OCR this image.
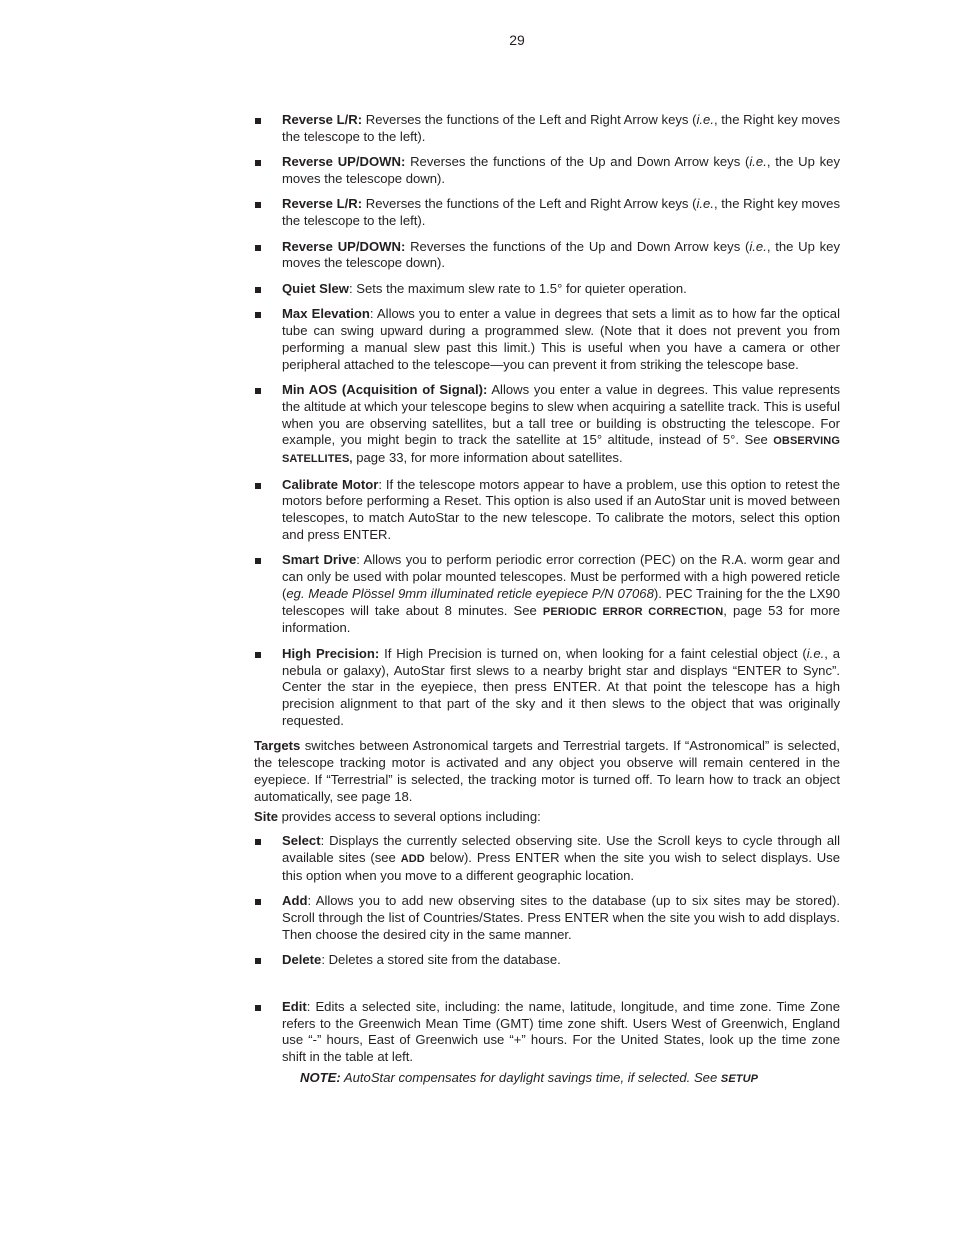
29
Reverse L/R: Reverses the functions of the Left and Right Arrow keys (i.e., the Right key moves the telescope to the left).
Reverse UP/DOWN: Reverses the functions of the Up and Down Arrow keys (i.e., the Up key moves the telescope down).
Reverse L/R: Reverses the functions of the Left and Right Arrow keys (i.e., the Right key moves the telescope to the left).
Reverse UP/DOWN: Reverses the functions of the Up and Down Arrow keys (i.e., the Up key moves the telescope down).
Quiet Slew: Sets the maximum slew rate to 1.5° for quieter operation.
Max Elevation: Allows you to enter a value in degrees that sets a limit as to how far the optical tube can swing upward during a programmed slew. (Note that it does not prevent you from performing a manual slew past this limit.) This is useful when you have a camera or other peripheral attached to the telescope—you can prevent it from striking the telescope base.
Min AOS (Acquisition of Signal): Allows you enter a value in degrees. This value represents the altitude at which your telescope begins to slew when acquiring a satellite track. This is useful when you are observing satellites, but a tall tree or building is obstructing the telescope. For example, you might begin to track the satellite at 15° altitude, instead of 5°. See OBSERVING SATELLITES, page 33, for more information about satellites.
Calibrate Motor: If the telescope motors appear to have a problem, use this option to retest the motors before performing a Reset. This option is also used if an AutoStar unit is moved between telescopes, to match AutoStar to the new telescope. To calibrate the motors, select this option and press ENTER.
Smart Drive: Allows you to perform periodic error correction (PEC) on the R.A. worm gear and can only be used with polar mounted telescopes. Must be performed with a high powered reticle (eg. Meade Plössel 9mm illuminated reticle eyepiece P/N 07068). PEC Training for the the LX90 telescopes will take about 8 minutes. See PERIODIC ERROR CORRECTION, page 53 for more information.
High Precision: If High Precision is turned on, when looking for a faint celestial object (i.e., a nebula or galaxy), AutoStar first slews to a nearby bright star and displays “ENTER to Sync”. Center the star in the eyepiece, then press ENTER. At that point the telescope has a high precision alignment to that part of the sky and it then slews to the object that was originally requested.
Targets switches between Astronomical targets and Terrestrial targets. If “Astronomical” is selected, the telescope tracking motor is activated and any object you observe will remain centered in the eyepiece. If “Terrestrial” is selected, the tracking motor is turned off. To learn how to track an object automatically, see page 18.
Site provides access to several options including:
Select: Displays the currently selected observing site. Use the Scroll keys to cycle through all available sites (see ADD below). Press ENTER when the site you wish to select displays. Use this option when you move to a different geographic location.
Add: Allows you to add new observing sites to the database (up to six sites may be stored). Scroll through the list of Countries/States. Press ENTER when the site you wish to add displays. Then choose the desired city in the same manner.
Delete: Deletes a stored site from the database.
Edit: Edits a selected site, including: the name, latitude, longitude, and time zone. Time Zone refers to the Greenwich Mean Time (GMT) time zone shift. Users West of Greenwich, England use “-” hours, East of Greenwich use “+” hours. For the United States, look up the time zone shift in the table at left.
NOTE: AutoStar compensates for daylight savings time, if selected. See SETUP
